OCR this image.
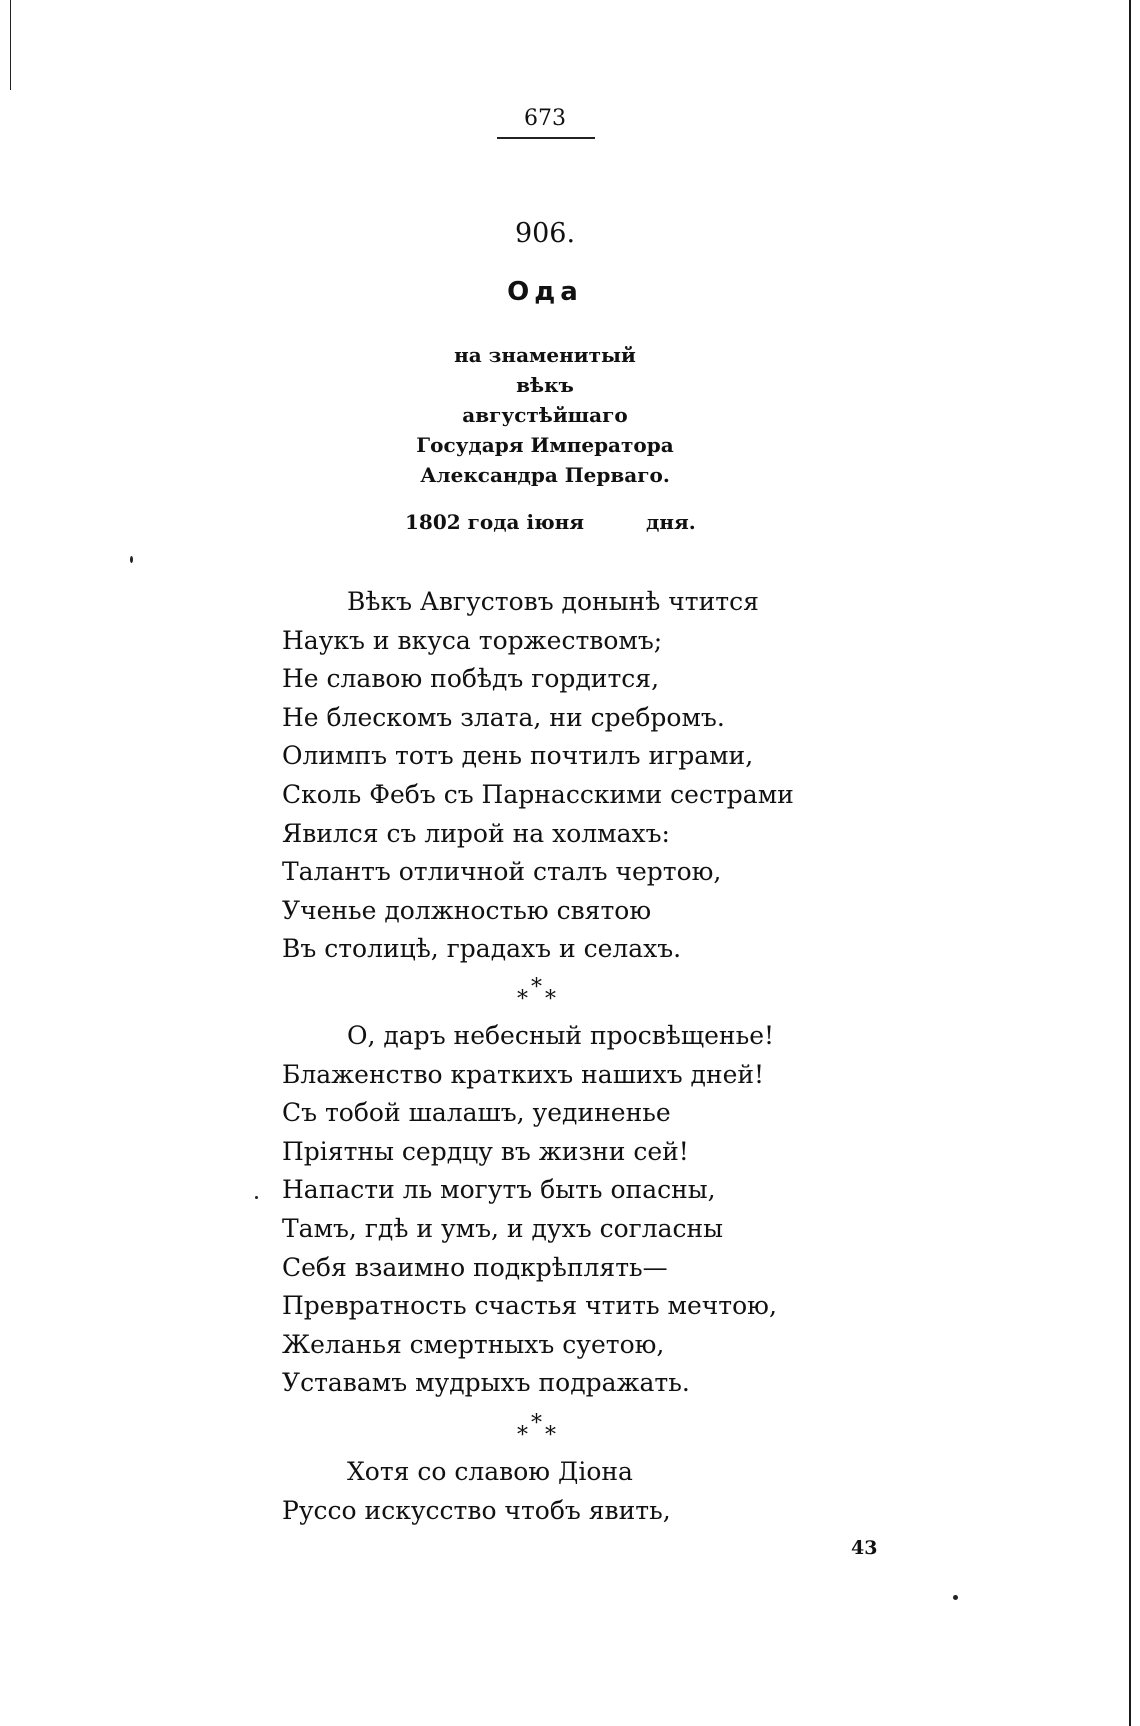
673
906.
Ода
на знаменитый
вѣкъ
августѣйшаго
Государя Императора
Александра Перваго.
1802 года іюня	дня.
Вѣкъ Августовъ донынѣ чтится
Наукъ и вкуса торжествомъ;
Не славою побѣдъ гордится,
Не блескомъ злата, ни сребромъ.
Олимпъ тотъ день почтилъ играми,
Сколь Фебъ съ Парнасскими сестрами
Явился съ лирой на холмахъ:
Талантъ отличной сталъ чертою,
Ученье должностью святою
Въ столицѣ, градахъ и селахъ.
*
* *
О, даръ небесный просвѣщенье!
Блаженство краткихъ нашихъ дней!
Съ тобой шалашъ, уединенье
Пріятны сердцу въ жизни сей!
Напасти ль могутъ быть опасны,
Тамъ, гдѣ и умъ, и духъ согласны
Себя взаимно подкрѣплять—
Превратность счастья чтить мечтою,
Желанья смертныхъ суетою,
Уставамъ мудрыхъ подражать.
*
* *
Хотя со славою Діона
Руссо искусство чтобъ явить,
43
